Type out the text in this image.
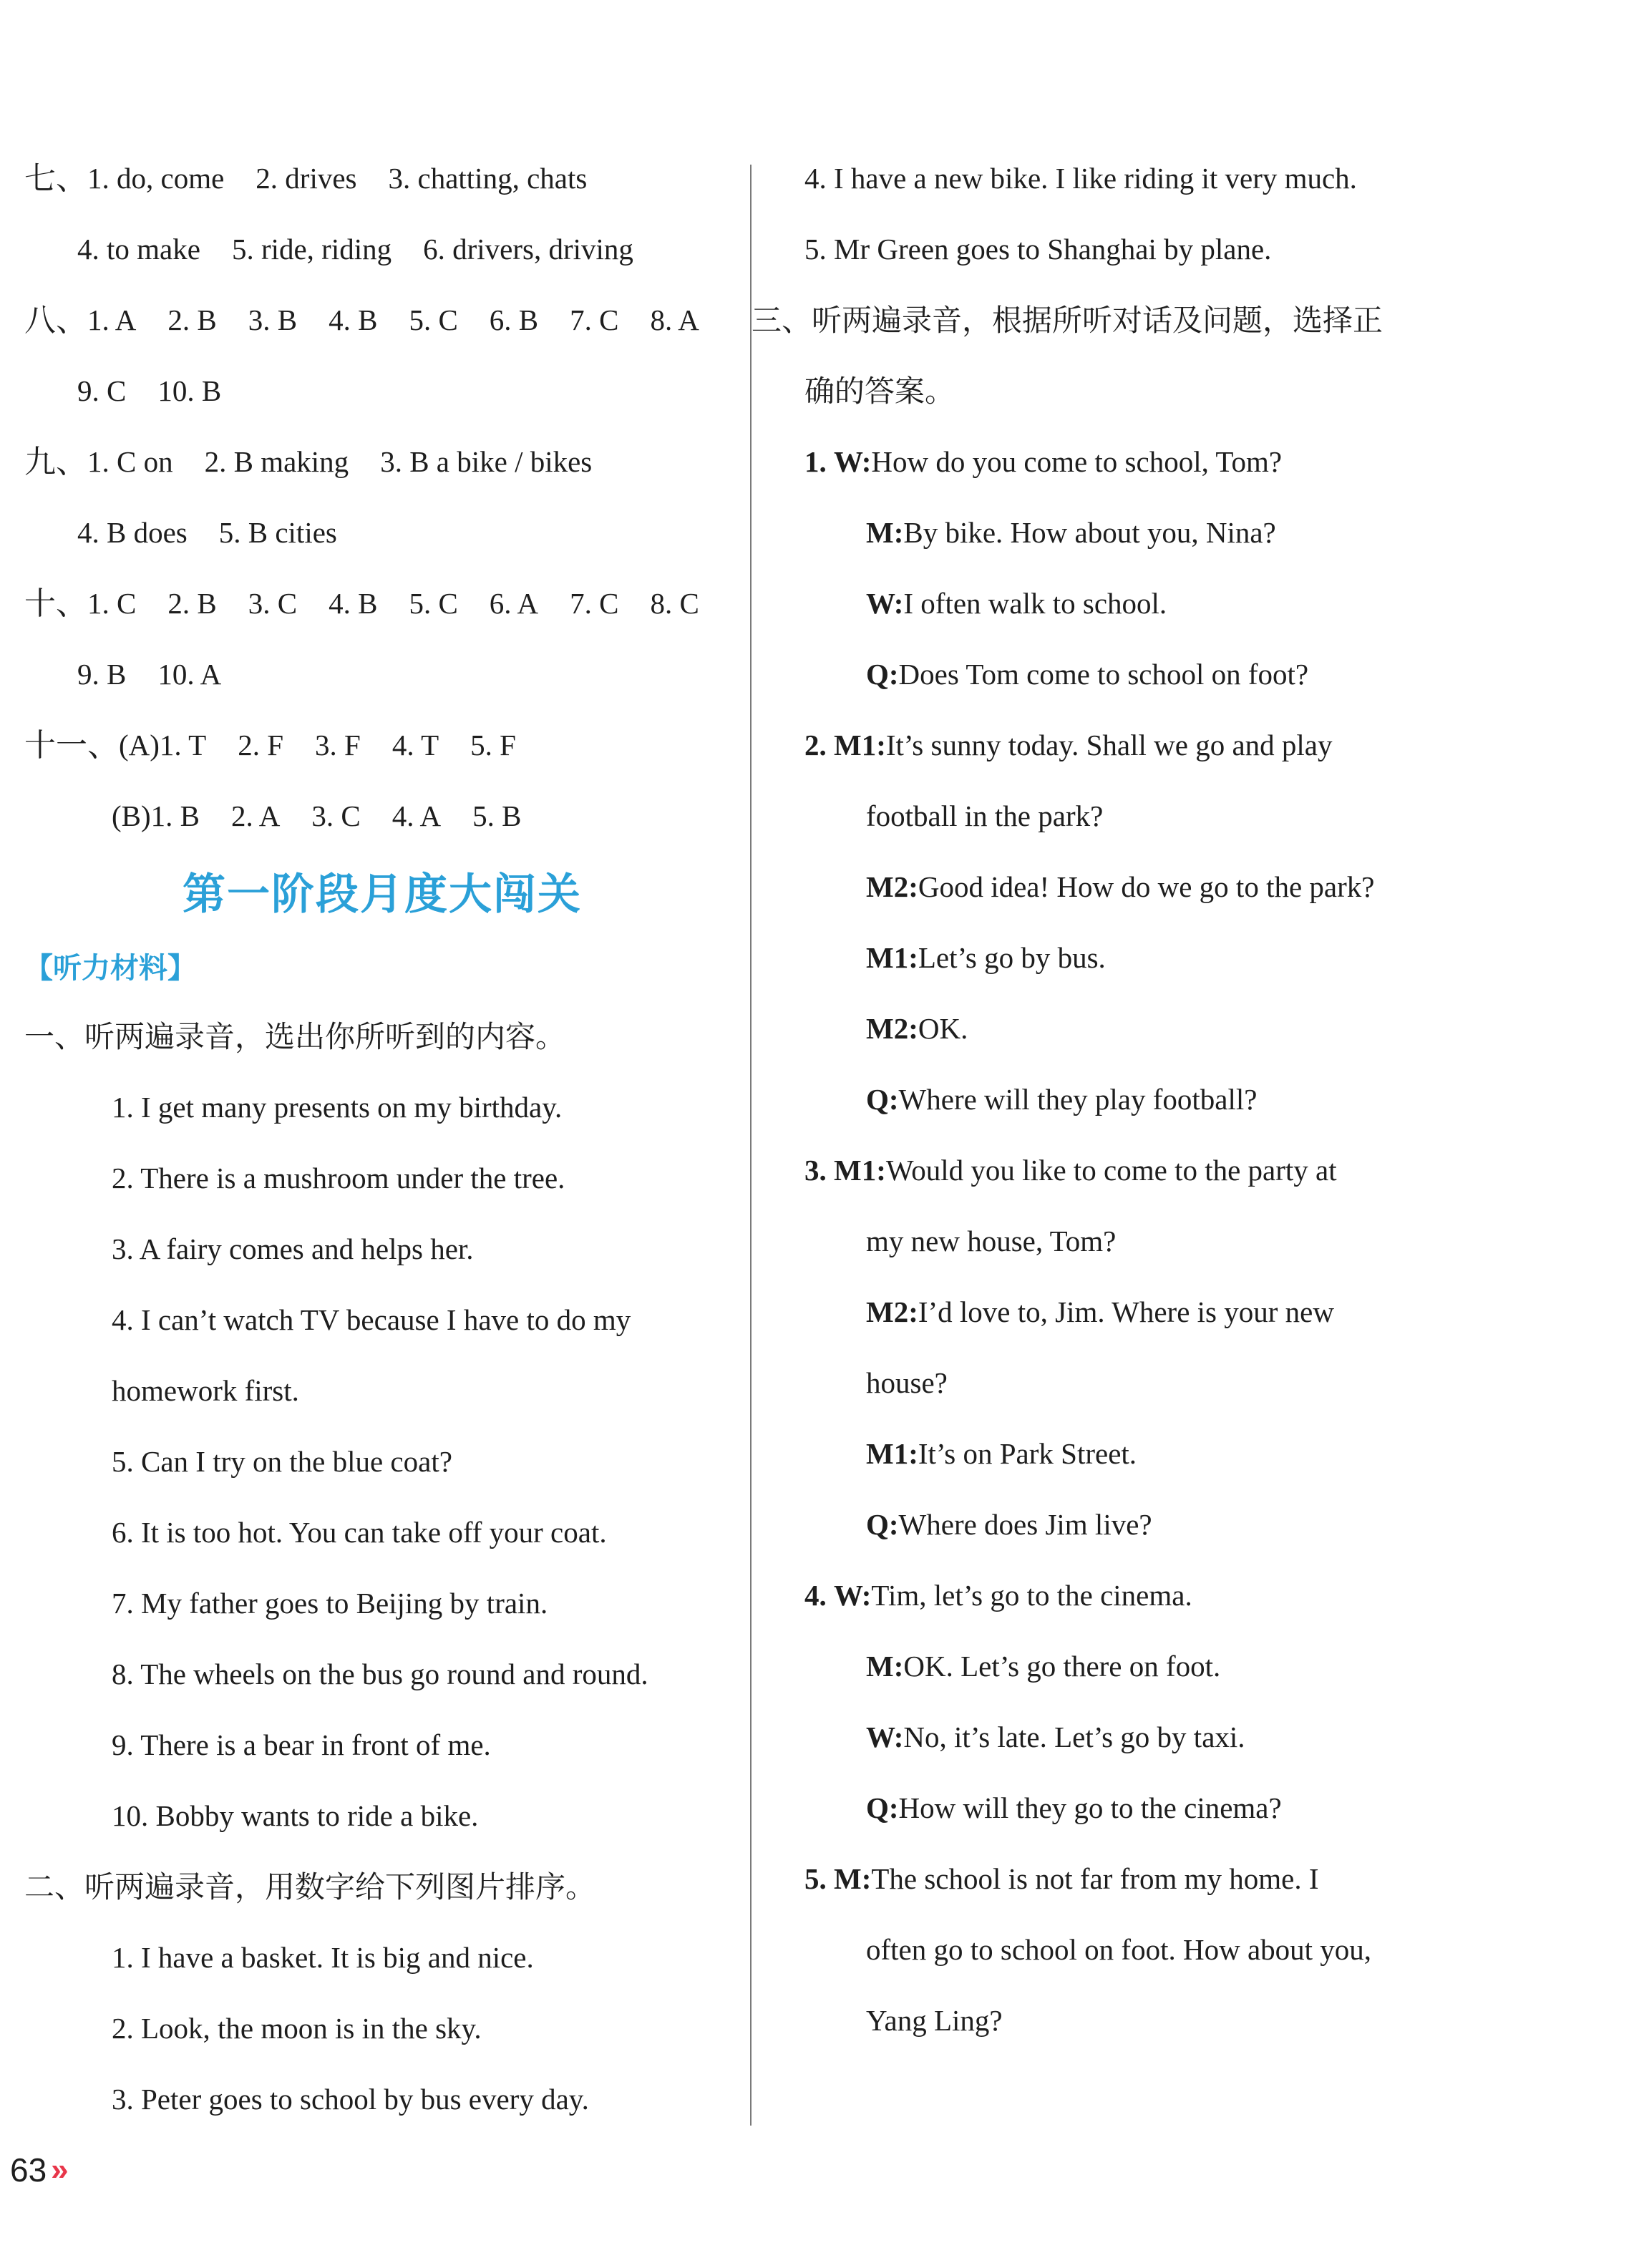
七、 1. do, come 2. drives 3. chatting, chats
4. to make 5. ride, riding 6. drivers, driving
八、 1. A 2. B 3. B 4. B 5. C 6. B 7. C 8. A
9. C 10. B
九、 1. C on 2. B making 3. B a bike / bikes
4. B does 5. B cities
十、 1. C 2. B 3. C 4. B 5. C 6. A 7. C 8. C
9. B 10. A
十一、 (A)1. T 2. F 3. F 4. T 5. F
(B)1. B 2. A 3. C 4. A 5. B
第一阶段月度大闯关
【听力材料】
一、听两遍录音，选出你所听到的内容。
1. I get many presents on my birthday.
2. There is a mushroom under the tree.
3. A fairy comes and helps her.
4. I can’t watch TV because I have to do my
homework first.
5. Can I try on the blue coat?
6. It is too hot. You can take off your coat.
7. My father goes to Beijing by train.
8. The wheels on the bus go round and round.
9. There is a bear in front of me.
10. Bobby wants to ride a bike.
二、听两遍录音，用数字给下列图片排序。
1. I have a basket. It is big and nice.
2. Look, the moon is in the sky.
3. Peter goes to school by bus every day.
4. I have a new bike. I like riding it very much.
5. Mr Green goes to Shanghai by plane.
三、听两遍录音，根据所听对话及问题，选择正
确的答案。
1.
W: How do you come to school, Tom?
M: By bike. How about you, Nina?
W: I often walk to school.
Q: Does Tom come to school on foot?
2.
M1: It’s sunny today. Shall we go and play
football in the park?
M2: Good idea! How do we go to the park?
M1: Let’s go by bus.
M2: OK.
Q: Where will they play football?
3.
M1: Would you like to come to the party at
my new house, Tom?
M2: I’d love to, Jim. Where is your new
house?
M1: It’s on Park Street.
Q: Where does Jim live?
4.
W: Tim, let’s go to the cinema.
M: OK. Let’s go there on foot.
W: No, it’s late. Let’s go by taxi.
Q: How will they go to the cinema?
5.
M: The school is not far from my home. I
often go to school on foot. How about you,
Yang Ling?
63 »
